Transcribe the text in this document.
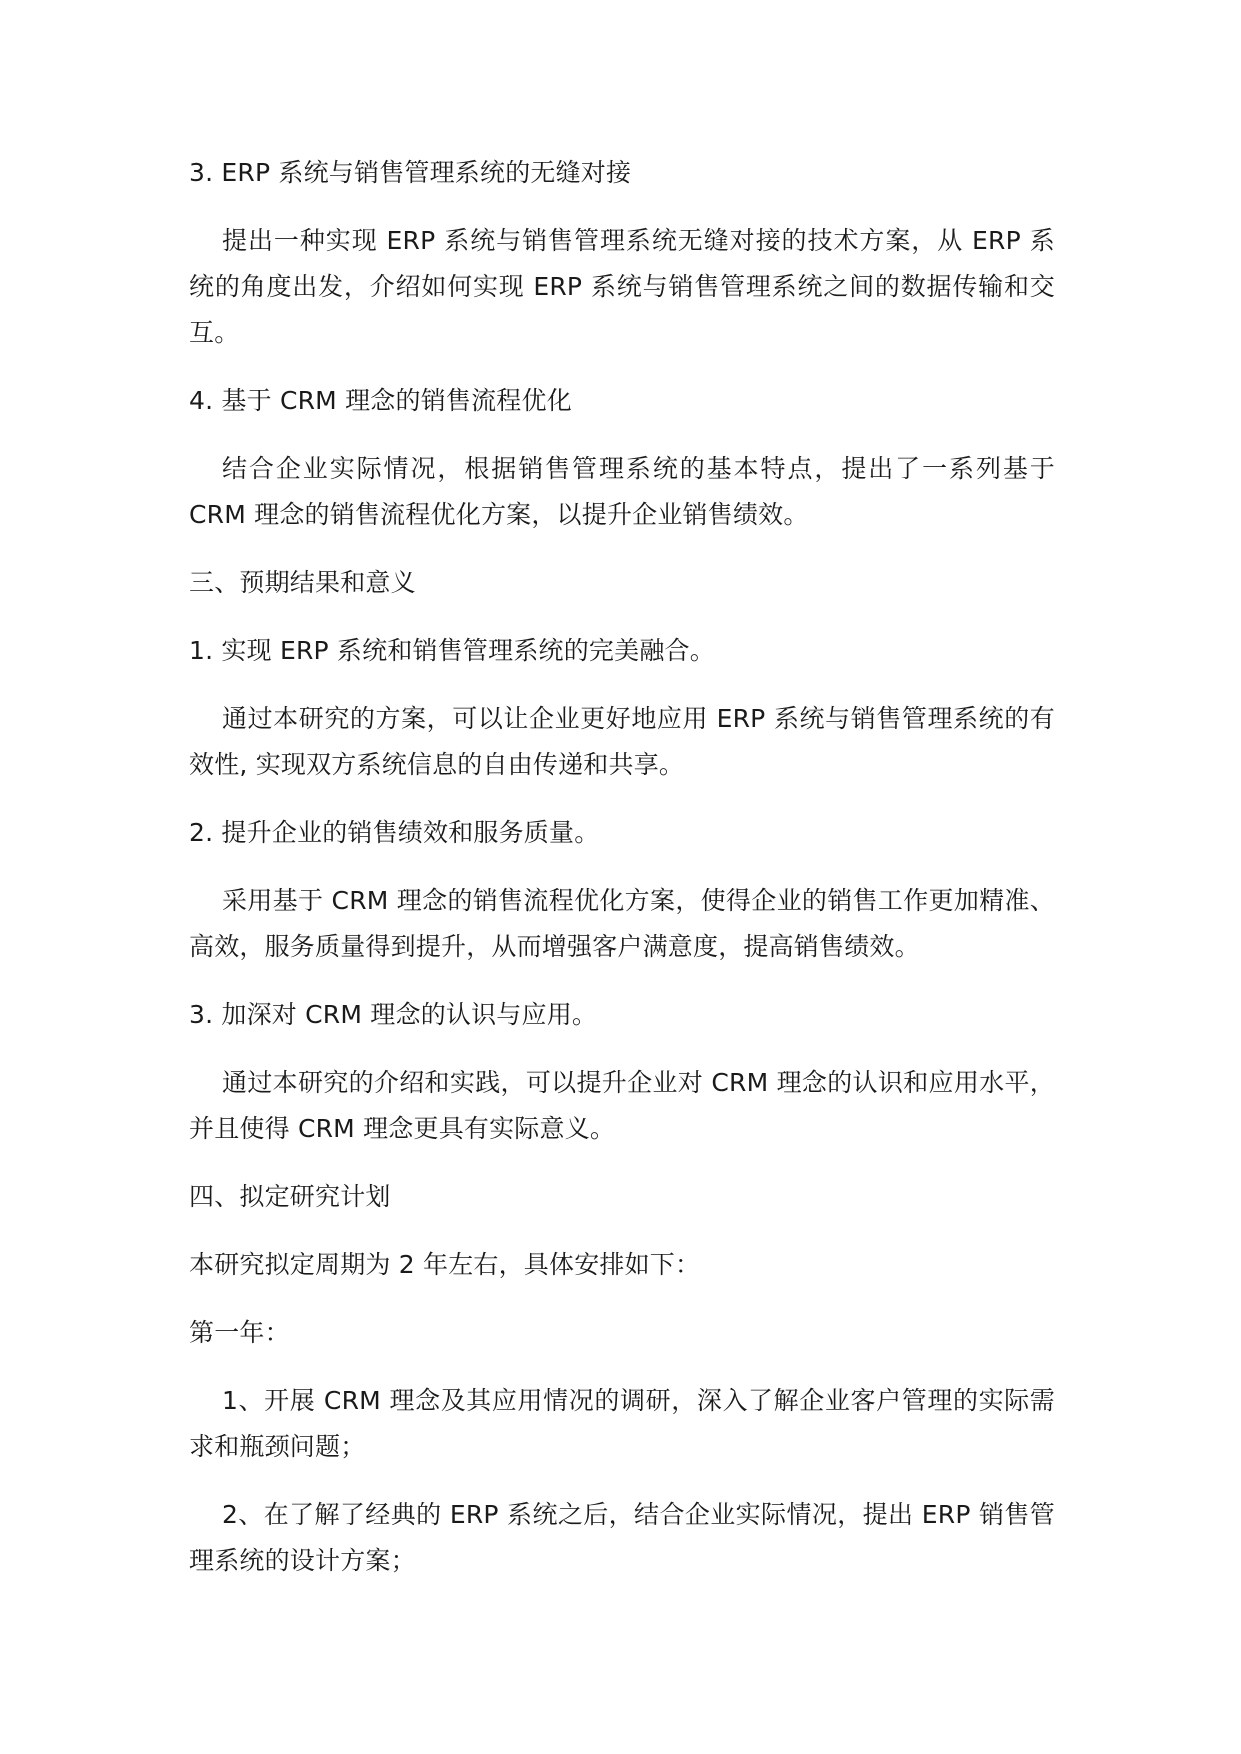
3. ERP 系统与销售管理系统的无缝对接

提出一种实现 ERP 系统与销售管理系统无缝对接的技术方案，从 ERP 系统的角度出发，介绍如何实现 ERP 系统与销售管理系统之间的数据传输和交互。

4. 基于 CRM 理念的销售流程优化

结合企业实际情况，根据销售管理系统的基本特点，提出了一系列基于 CRM 理念的销售流程优化方案，以提升企业销售绩效。

三、预期结果和意义

1. 实现 ERP 系统和销售管理系统的完美融合。

通过本研究的方案，可以让企业更好地应用 ERP 系统与销售管理系统的有效性, 实现双方系统信息的自由传递和共享。

2. 提升企业的销售绩效和服务质量。

采用基于 CRM 理念的销售流程优化方案，使得企业的销售工作更加精准、高效，服务质量得到提升，从而增强客户满意度，提高销售绩效。

3. 加深对 CRM 理念的认识与应用。

通过本研究的介绍和实践，可以提升企业对 CRM 理念的认识和应用水平，并且使得 CRM 理念更具有实际意义。

四、拟定研究计划

本研究拟定周期为 2 年左右，具体安排如下：

第一年：

1、开展 CRM 理念及其应用情况的调研，深入了解企业客户管理的实际需求和瓶颈问题；

2、在了解了经典的 ERP 系统之后，结合企业实际情况，提出 ERP 销售管理系统的设计方案；
